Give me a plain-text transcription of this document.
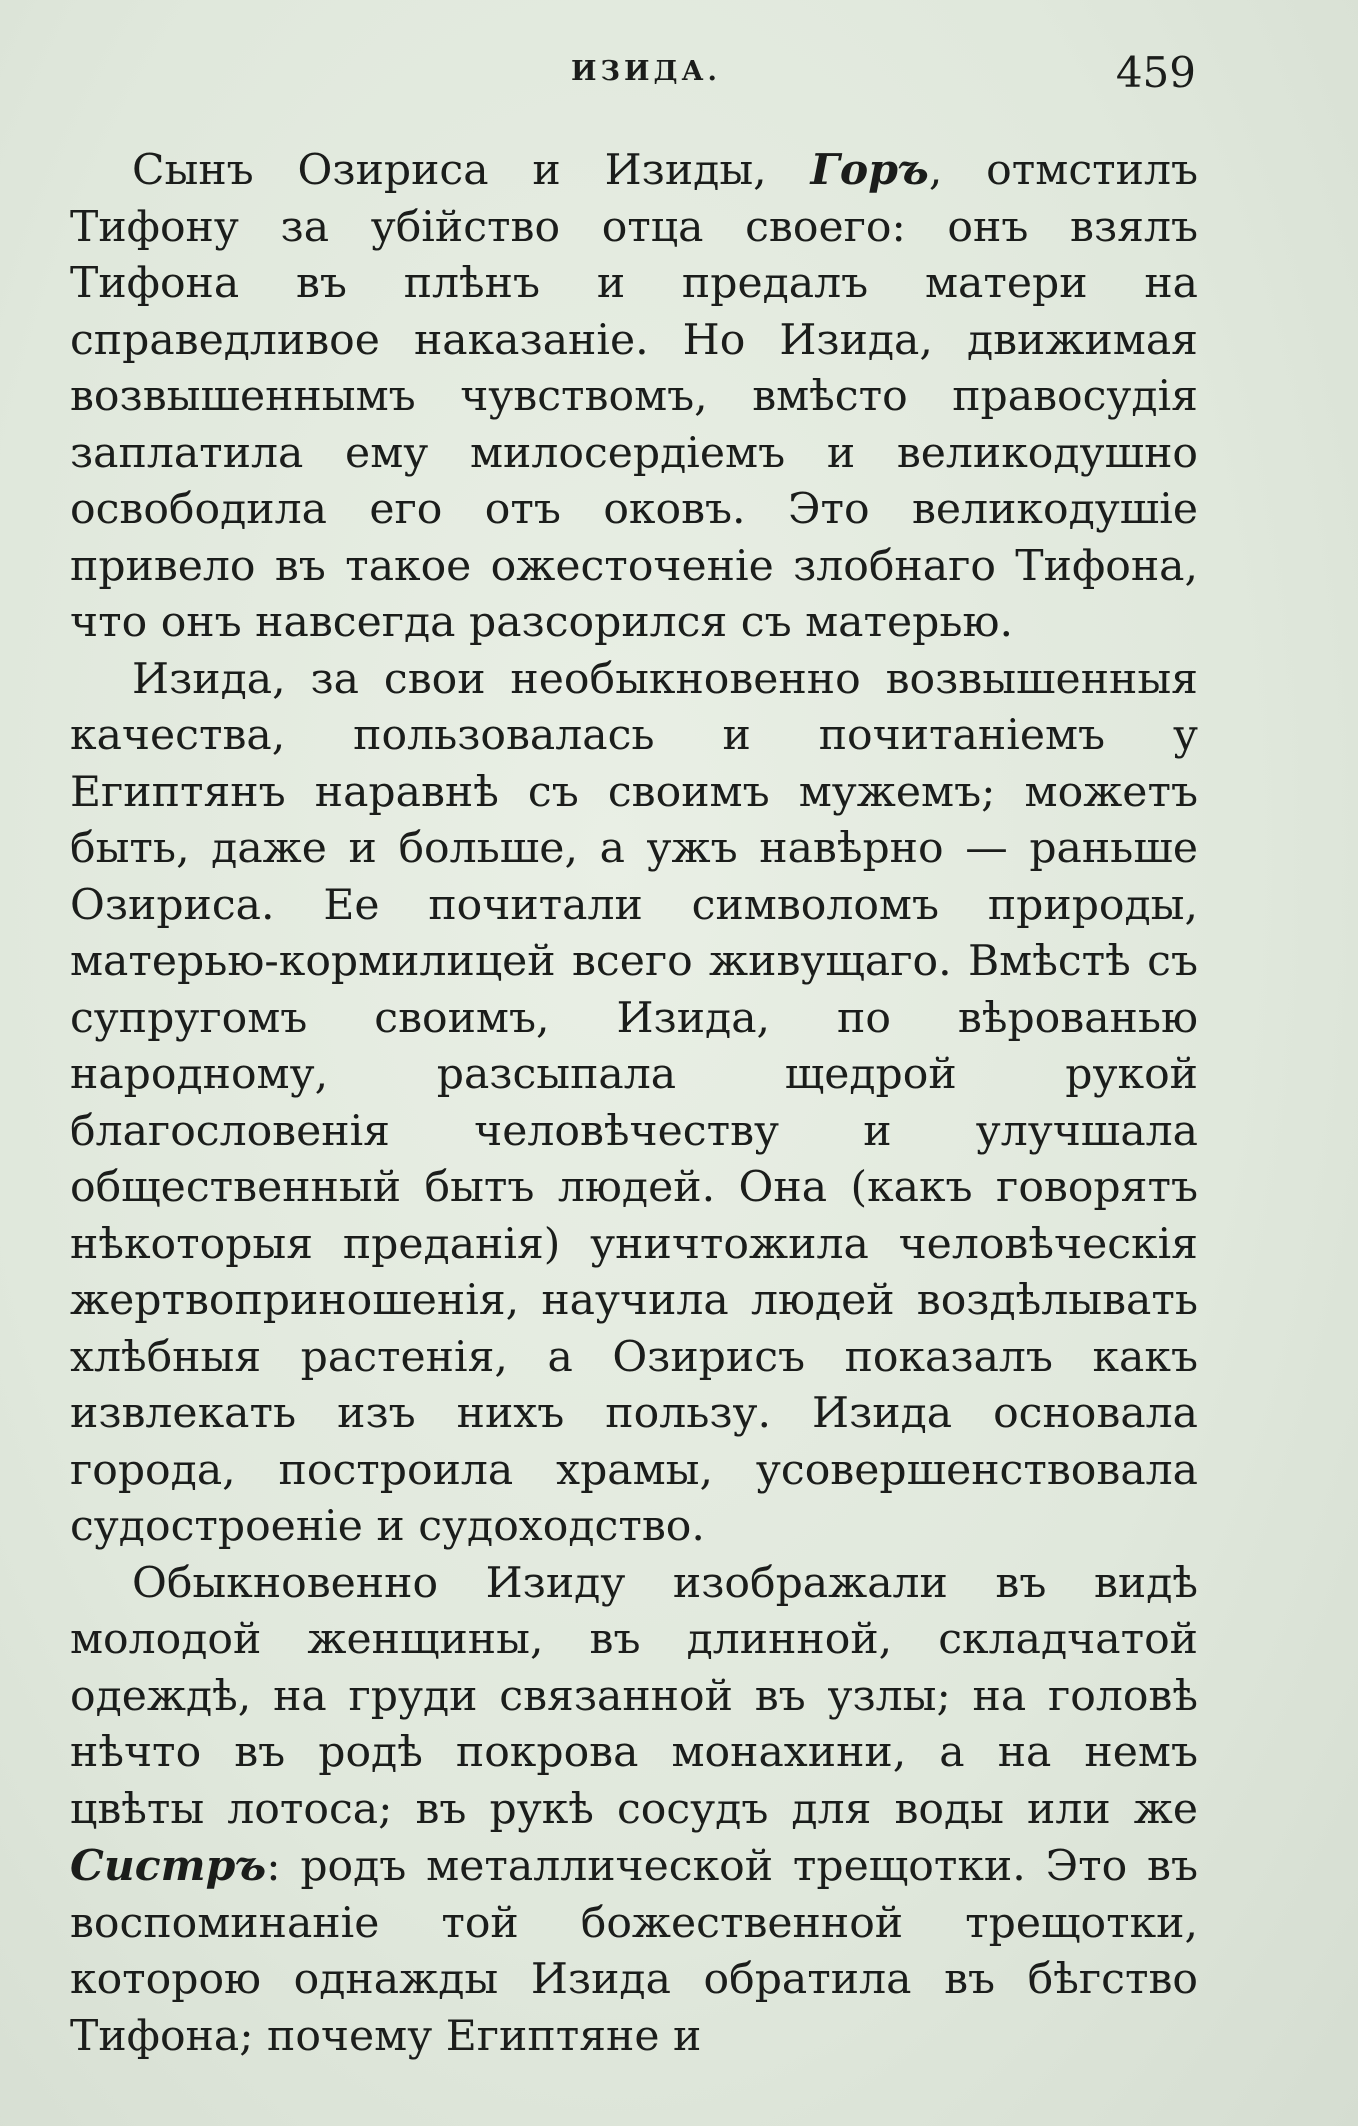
ИЗИДА.	459

Сынъ Озириса и Изиды, Горъ, отмстилъ Тифону за убійство отца своего: онъ взялъ Тифона въ плѣнъ и предалъ матери на справедливое наказаніе. Но Изида, движимая возвышеннымъ чувствомъ, вмѣсто правосудія заплатила ему милосердіемъ и великодушно освободила его отъ оковъ. Это великодушіе привело въ такое ожесточеніе злобнаго Тифона, что онъ навсегда разсорился съ матерью.

Изида, за свои необыкновенно возвышенныя качества, пользовалась и почитаніемъ у Египтянъ наравнѣ съ своимъ мужемъ; можетъ быть, даже и больше, а ужъ навѣрно — раньше Озириса. Ее почитали символомъ природы, матерью-кормилицей всего живущаго. Вмѣстѣ съ супругомъ своимъ, Изида, по вѣрованью народному, разсыпала щедрой рукой благословенія человѣчеству и улучшала общественный бытъ людей. Она (какъ говорятъ нѣкоторыя преданія) уничтожила человѣческія жертвоприношенія, научила людей воздѣлывать хлѣбныя растенія, а Озирисъ показалъ какъ извлекать изъ нихъ пользу. Изида основала города, построила храмы, усовершенствовала судостроеніе и судоходство.

Обыкновенно Изиду изображали въ видѣ молодой женщины, въ длинной, складчатой одеждѣ, на груди связанной въ узлы; на головѣ нѣчто въ родѣ покрова монахини, а на немъ цвѣты лотоса; въ рукѣ сосудъ для воды или же Систръ: родъ металлической трещотки. Это въ воспоминаніе той божественной трещотки, которою однажды Изида обратила въ бѣгство Тифона; почему Египтяне и
